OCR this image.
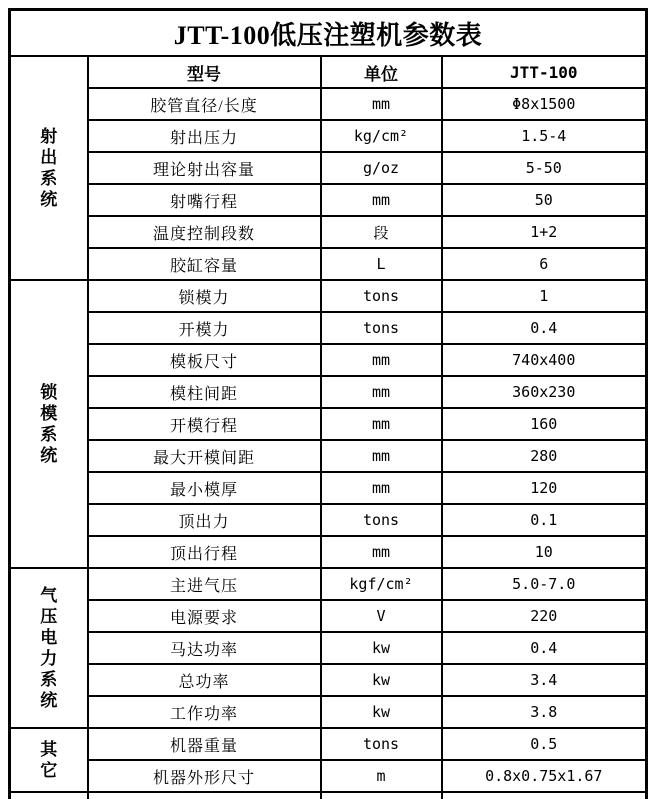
JTT-100低压注塑机参数表			

射出系统	型号	单位	JTT-100
	胶管直径/长度	mm	Φ8x1500
	射出压力	kg/cm²	1.5-4
	理论射出容量	g/oz	5-50
	射嘴行程	mm	50
	温度控制段数	段	1+2
	胶缸容量	L	6

锁模系统	锁模力	tons	1
	开模力	tons	0.4
	模板尺寸	mm	740x400
	模柱间距	mm	360x230
	开模行程	mm	160
	最大开模间距	mm	280
	最小模厚	mm	120
	顶出力	tons	0.1
	顶出行程	mm	10

气压电力系统	主进气压	kgf/cm²	5.0-7.0
	电源要求	V	220
	马达功率	kw	0.4
	总功率	kw	3.4
	工作功率	kw	3.8

其它	机器重量	tons	0.5
	机器外形尺寸	m	0.8x0.75x1.67
